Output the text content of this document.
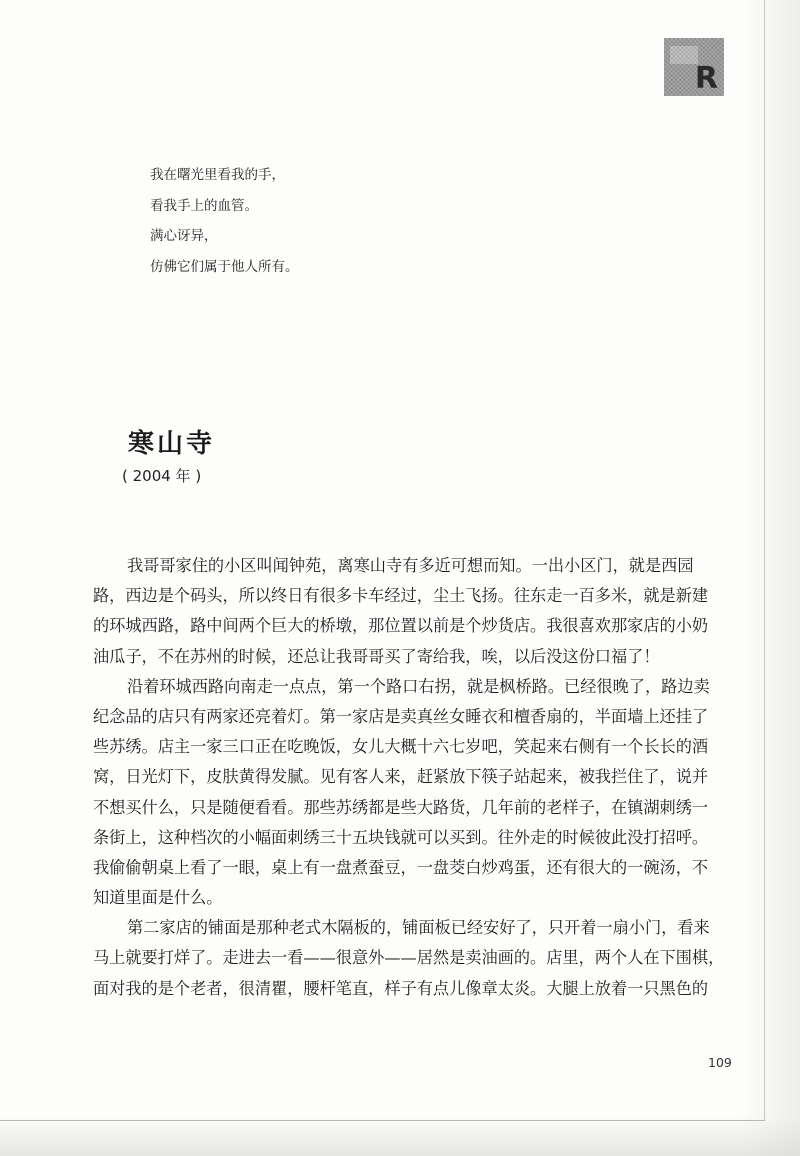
R
我在曙光里看我的手，
看我手上的血管。
满心讶异，
仿佛它们属于他人所有。
寒山寺
( 2004 年 )
我哥哥家住的小区叫闻钟苑，离寒山寺有多近可想而知。一出小区门，就是西园
路，西边是个码头，所以终日有很多卡车经过，尘土飞扬。往东走一百多米，就是新建
的环城西路，路中间两个巨大的桥墩，那位置以前是个炒货店。我很喜欢那家店的小奶
油瓜子，不在苏州的时候，还总让我哥哥买了寄给我，唉，以后没这份口福了！
沿着环城西路向南走一点点，第一个路口右拐，就是枫桥路。已经很晚了，路边卖
纪念品的店只有两家还亮着灯。第一家店是卖真丝女睡衣和檀香扇的，半面墙上还挂了
些苏绣。店主一家三口正在吃晚饭，女儿大概十六七岁吧，笑起来右侧有一个长长的酒
窝，日光灯下，皮肤黄得发腻。见有客人来，赶紧放下筷子站起来，被我拦住了，说并
不想买什么，只是随便看看。那些苏绣都是些大路货，几年前的老样子，在镇湖刺绣一
条街上，这种档次的小幅面刺绣三十五块钱就可以买到。往外走的时候彼此没打招呼。
我偷偷朝桌上看了一眼，桌上有一盘煮蚕豆，一盘茭白炒鸡蛋，还有很大的一碗汤，不
知道里面是什么。
第二家店的铺面是那种老式木隔板的，铺面板已经安好了，只开着一扇小门，看来
马上就要打烊了。走进去一看——很意外——居然是卖油画的。店里，两个人在下围棋，
面对我的是个老者，很清瞿，腰杆笔直，样子有点儿像章太炎。大腿上放着一只黑色的
109
